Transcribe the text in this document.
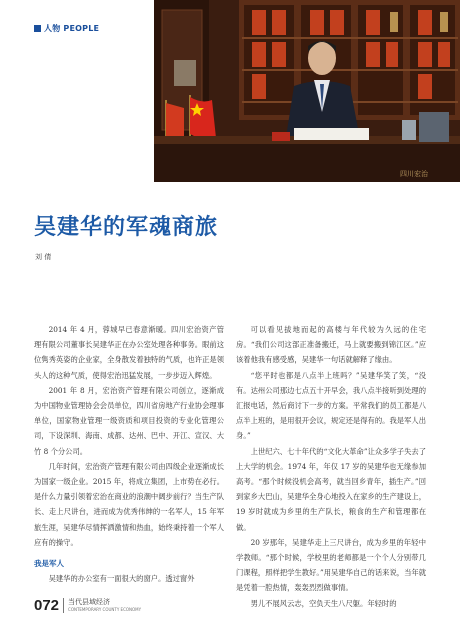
人物 PEOPLE
四川宏治
吴建华的军魂商旅
刘 倩

2014 年 4 月，蓉城早已春意渐暖。四川宏治资产管理有限公司董事长吴建华正在办公室处理各种事务。眼前这位隽秀英姿的企业家，全身散发着独特的气质，也许正是领头人的这种气质，使得宏治迅猛发展，一步步迈入辉煌。

2001 年 8 月，宏治资产管理有限公司创立，逐渐成为中国物业管理协会会员单位，四川省房地产行业协会理事单位，国家物业管理一级资质和项目投资的专业化管理公司，下设深圳、海南、成都、达州、巴中、开江、宣汉、大竹 8 个分公司。

几年时间，宏治资产管理有限公司由四级企业逐渐成长为国家一级企业。2015 年，将成立集团，上市势在必行。是什么力量引领着宏治在商业的浪潮中阔步前行？当生产队长、走上尺讲台，进而成为优秀伟绅的一名军人，15 年军旅生涯，吴建华尽情挥洒激情和热血，始终秉持着一个军人应有的操守。

我是军人

吴建华的办公室有一面很大的窗户。透过窗外

可以看见拔地而起的高楼与年代较为久远的住宅房。“我们公司这部正准备搬迁，马上就要搬到锦江区。”应该着他我有感受感，吴建华一句话就解释了缘由。

“您平时也都是八点半上班吗？”吴建华笑了笑，“没有。达州公司那边七点五十开早会，我八点半接听到处理的汇报电话，然后商讨下一步的方案。平常我们的员工都是八点半上班的，是用很开会议，规定还是得有的。我是军人出身。”

上世纪六、七十年代的“文化大革命”让众多学子失去了上大学的机会。1974 年，年仅 17 岁的吴建华也无缘参加高考。“那个时候没机会高考，就当回乡青年，插生产。”回到家乡大巴山，吴建华全身心地投入在家乡的生产建设上，19 岁时就成为乡里的生产队长，粮食的生产和管理都在做。

20 岁那年，吴建华走上三尺讲台，成为乡里的年轻中学教师。“那个时候，学校里的老师都是一个个人分别带几门课程，照样把学生教好。”用吴建华自己的话来说，当年就是凭着一腔热情，轰轰烈烈做事情。

男儿不展风云志，空负天生八尺躯。年轻时的

072 当代县域经济
CONTEMPORARY COUNTY ECONOMY
